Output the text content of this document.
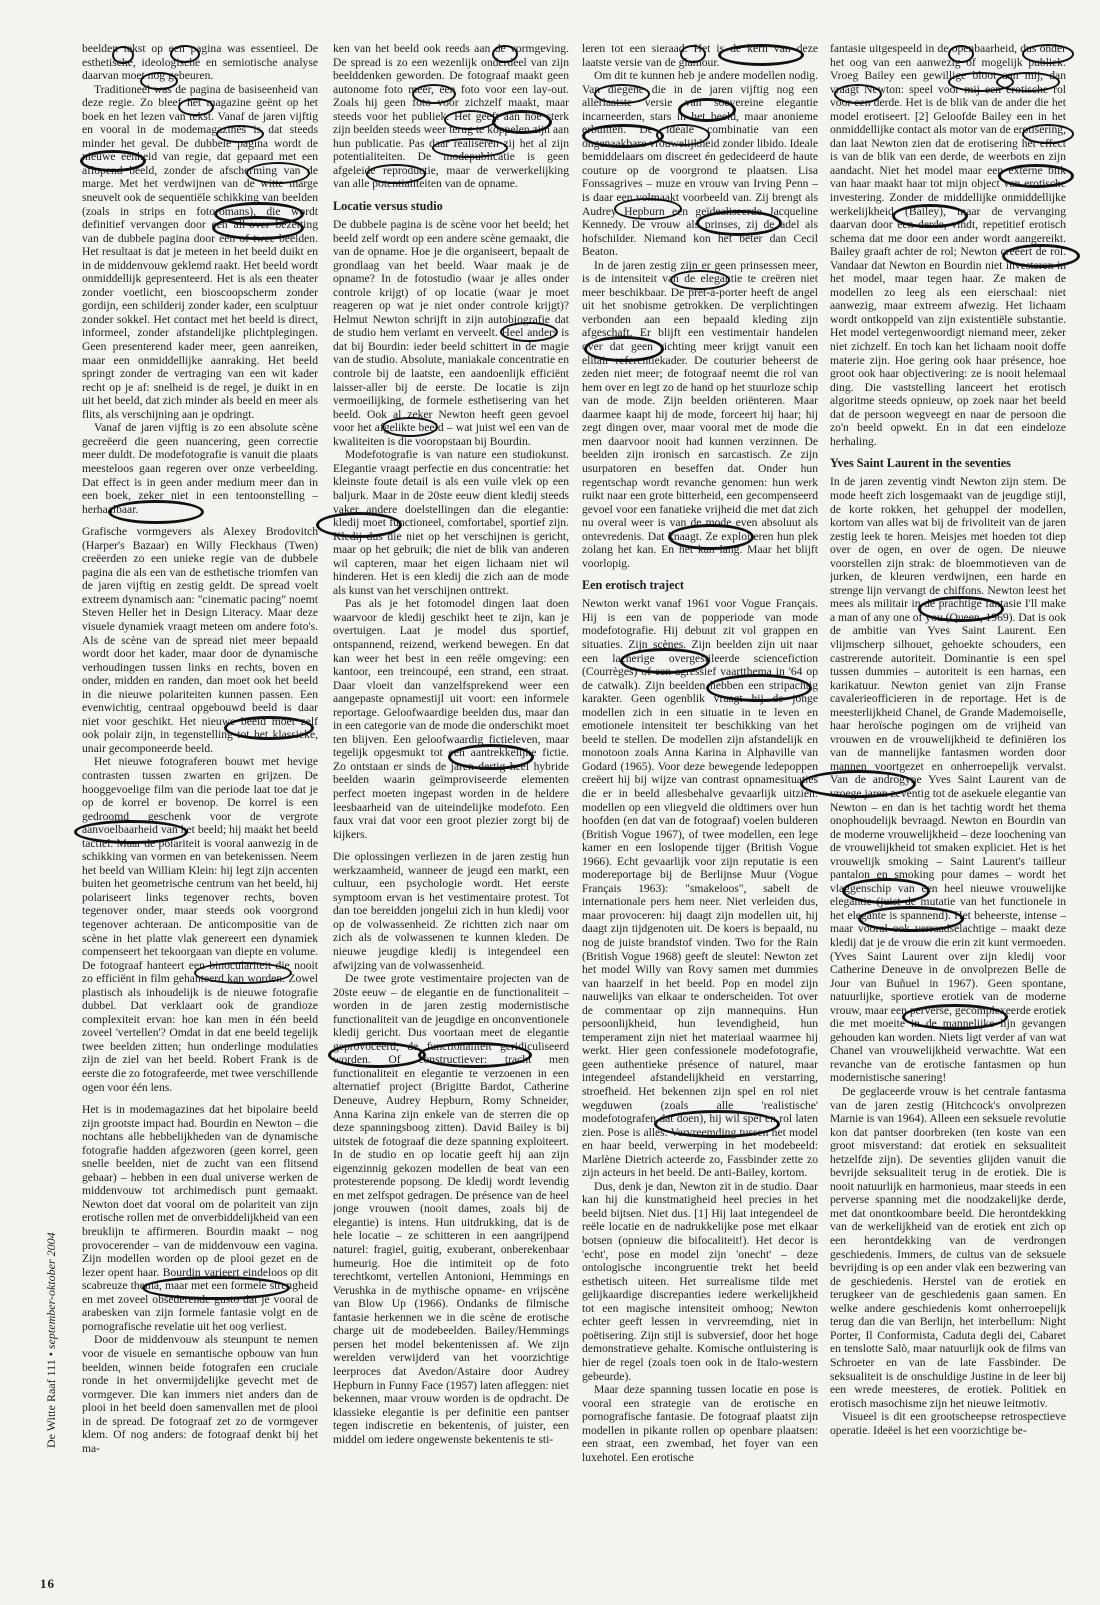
beelden tekst op een pagina was essentieel. De esthetische, ideologische en semiotische analyse daarvan moet nog gebeuren.

Traditioneel was de pagina de basiseenheid van deze regie. Zo bleef het magazine geënt op het boek en het lezen van tekst. Vanaf de jaren vijftig en vooral in de modemagazines is dat steeds minder het geval. De dubbele pagina wordt de nieuwe eenheid van regie, dat gepaard met een aflopend beeld, zonder de afscherming van de marge. Met het verdwijnen van de witte marge sneuvelt ook de sequentiële schikking van beelden (zoals in strips en fotoromans), die wordt definitief vervangen door een all-over bezetting van de dubbele pagina door één of twee beelden. Het resultaat is dat je meteen in het beeld duikt en in de middenvouw geklemd raakt. Het beeld wordt onmiddellijk gepresenteerd. Het is als een theater zonder voetlicht, een bioscoopscherm zonder gordijn, een schilderij zonder kader, een sculptuur zonder sokkel. Het contact met het beeld is direct, informeel, zonder afstandelijke plichtplegingen. Geen presenterend kader meer, geen aanreiken, maar een onmiddellijke aanraking. Het beeld springt zonder de vertraging van een wit kader recht op je af: snelheid is de regel, je duikt in en uit het beeld, dat zich minder als beeld en meer als flits, als verschijning aan je opdringt.

Vanaf de jaren vijftig is zo een absolute scène gecreëerd die geen nuancering, geen correctie meer duldt. De modefotografie is vanuit die plaats meesteloos gaan regeren over onze verbeelding. Dat effect is in geen ander medium meer dan in een boek, zeker niet in een tentoonstelling – herhaalbaar.

Grafische vormgevers als Alexey Brodovitch (Harper's Bazaar) en Willy Fleckhaus (Twen) creëerden zo een unieke regie van de dubbele pagina die als een van de esthetische triomfen van de jaren vijftig en zestig geldt. De spread voelt extreem dynamisch aan: "cinematic pacing" noemt Steven Heller het in Design Literacy. Maar deze visuele dynamiek vraagt meteen om andere foto's. Als de scène van de spread niet meer bepaald wordt door het kader, maar door de dynamische verhoudingen tussen links en rechts, boven en onder, midden en randen, dan moet ook het beeld in die nieuwe polariteiten kunnen passen. Een evenwichtig, centraal opgebouwd beeld is daar niet voor geschikt. Het nieuwe beeld moet zelf ook polair zijn, in tegenstelling tot het klassieke, unair gecomponeerde beeld.

Het nieuwe fotograferen bouwt met hevige contrasten tussen zwarten en grijzen. De hooggevoelige film van die periode laat toe dat je op de korrel er bovenop. De korrel is een gedroomd geschenk voor de vergrote aanvoelbaarheid van het beeld; hij maakt het beeld tactiel. Maar de polariteit is vooral aanwezig in de schikking van vormen en van betekenissen. Neem het beeld van William Klein: hij legt zijn accenten buiten het geometrische centrum van het beeld, hij polariseert links tegenover rechts, boven tegenover onder, maar steeds ook voorgrond tegenover achteraan. De anticompositie van de scène in het platte vlak genereert een dynamiek compenseert het tekoorgaan van diepte en volume. De fotograaf hanteert een binoculariteit die nooit zo efficiënt in film gehanteerd kan worden. Zowel plastisch als inhoudelijk is de nieuwe fotografie dubbel. Dat verklaart ook de grandioze complexiteit ervan: hoe kan men in één beeld zoveel 'vertellen'? Omdat in dat ene beeld tegelijk twee beelden zitten; hun onderlinge modulaties zijn de ziel van het beeld. Robert Frank is de eerste die zo fotografeerde, met twee verschillende ogen voor één lens.

Het is in modemagazines dat het bipolaire beeld zijn grootste impact had. Bourdin en Newton – die nochtans alle hebbelijkheden van de dynamische fotografie hadden afgezworen (geen korrel, geen snelle beelden, niet de zucht van een flitsend gebaar) – hebben in een dual universe werken de middenvouw tot archimedisch punt gemaakt. Newton doet dat vooral om de polariteit van zijn erotische rollen met de onverbiddelijkheid van een breuklijn te affirmeren. Bourdin maakt – nog provocerender – van de middenvouw een vagina. Zijn modellen worden op de plooi gezet en de lezer opent haar. Bourdin varieert eindeloos op dit scabreuze thema, maar met een formele strengheid en met zoveel obsederende gusto dat je vooral de arabesken van zijn formele fantasie volgt en de pornografische revelatie uit het oog verliest.

Door de middenvouw als steunpunt te nemen voor de visuele en semantische opbouw van hun beelden, winnen beide fotografen een cruciale ronde in het onvermijdelijke gevecht met de vormgever. Die kan immers niet anders dan de plooi in het beeld doen samenvallen met de plooi in de spread. De fotograaf zet zo de vormgever klem. Of nog anders: de fotograaf denkt bij het ma-

ken van het beeld ook reeds aan de vormgeving. De spread is zo een wezenlijk onderdeel van zijn beelddenken geworden. De fotograaf maakt geen autonome foto meer, een foto voor een lay-out. Zoals hij geen foto voor zichzelf maakt, maar steeds voor het publiek. Het geeft aan hoe sterk zijn beelden steeds weer terug te koppelen zijn aan hun publicatie. Pas daar realiseren zij het al zijn potentialiteiten. De modepublicatie is geen afgeleide reproductie, maar de verwerkelijking van alle potentialiteiten van de opname.

Locatie versus studio

De dubbele pagina is de scène voor het beeld; het beeld zelf wordt op een andere scène gemaakt, die van de opname. Hoe je die organiseert, bepaalt de grondlaag van het beeld. Waar maak je de opname? In de fotostudio (waar je alles onder controle krijgt) of op locatie (waar je moet reageren op wat je niet onder controle krijgt)? Helmut Newton schrijft in zijn autobiografie dat de studio hem verlamt en verveelt. Heel anders is dat bij Bourdin: ieder beeld schittert in de magie van de studio. Absolute, maniakale concentratie en controle bij de laatste, een aandoenlijk efficiënt laisser-aller bij de eerste. De locatie is zijn vermoeilijking, de formele esthetisering van het beeld. Ook al zeker Newton heeft geen gevoel voor het afgelikte beeld – wat juist wel een van de kwaliteiten is die vooropstaan bij Bourdin.

Modefotografie is van nature een studiokunst. Elegantie vraagt perfectie en dus concentratie: het kleinste foute detail is als een vuile vlek op een baljurk. Maar in de 20ste eeuw dient kledij steeds vaker andere doelstellingen dan die elegantie: kledij moet functioneel, comfortabel, sportief zijn. Kledij dus die niet op het verschijnen is gericht, maar op het gebruik; die niet de blik van anderen wil capteren, maar het eigen lichaam niet wil hinderen. Het is een kledij die zich aan de mode als kunst van het verschijnen onttrekt.

Pas als je het fotomodel dingen laat doen waarvoor de kledij geschikt heet te zijn, kan je overtuigen. Laat je model dus sportief, ontspannend, reizend, werkend bewegen. En dat kan weer het best in een reële omgeving: een kantoor, een treincoupé, een strand, een straat. Daar vloeit dan vanzelfsprekend weer een aangepaste opnamestijl uit voort: een informele reportage. Geloofwaardige beelden dus, maar dan in een categorie van de mode die onderschikt moet ten blijven. Een geloofwaardig fictieleven, maar tegelijk opgesmukt tot een aantrekkelijke fictie. Zo ontstaan er sinds de jaren dertig heel hybride beelden waarin geïmproviseerde elementen perfect moeten ingepast worden in de heldere leesbaarheid van de uiteindelijke modefoto. Een faux vrai dat voor een groot plezier zorgt bij de kijkers.

Die oplossingen verliezen in de jaren zestig hun werkzaamheid, wanneer de jeugd een markt, een cultuur, een psychologie wordt. Het eerste symptoom ervan is het vestimentaire protest. Tot dan toe bereidden jongelui zich in hun kledij voor op de volwassenheid. Ze richtten zich naar om zich als de volwassenen te kunnen kleden. De nieuwe jeugdige kledij is integendeel een afwijzing van de volwassenheid.

De twee grote vestimentaire projecten van de 20ste eeuw – de elegantie en de functionaliteit – worden in de jaren zestig modernistische functionaliteit van de jeugdige en onconventionele kledij gericht. Dus voortaan meet de elegantie geprovoceerd, de functionaliteit geridiculiseerd worden. Of constructiever: tracht men functionaliteit en elegantie te verzoenen in een alternatief project (Brigitte Bardot, Catherine Deneuve, Audrey Hepburn, Romy Schneider, Anna Karina zijn enkele van de sterren die op deze spanningsboog zitten). David Bailey is bij uitstek de fotograaf die deze spanning exploiteert. In de studio en op locatie geeft hij aan zijn eigenzinnig gekozen modellen de beat van een protesterende popsong. De kledij wordt levendig en met zelfspot gedragen. De présence van de heel jonge vrouwen (nooit dames, zoals bij de elegantie) is intens. Hun uitdrukking, dat is de hele locatie – ze schitteren in een aangrijpend naturel: fragiel, guitig, exuberant, onberekenbaar humeurig. Hoe die intimiteit op de foto terechtkomt, vertellen Antonioni, Hemmings en Verushka in de mythische opname- en vrijscène van Blow Up (1966). Ondanks de filmische fantasie herkennen we in die scène de erotische charge uit de modebeelden. Bailey/Hemmings persen het model bekentenissen af. We zijn werelden verwijderd van het voorzichtige leerproces dat Avedon/Astaire door Audrey Hepburn in Funny Face (1957) laten afleggen: niet bekennen, maar vrouw worden is de opdracht. De klassieke elegantie is per definitie een pantser tegen indiscretie en bekentenis, of juister, een middel om iedere ongewenste bekentenis te sti-

leren tot een sieraad. Het is de kern van deze laatste versie van de glamour.

Om dit te kunnen heb je andere modellen nodig. Van diegene die in de jaren vijftig nog een allerlaatste versie van soevereine elegantie incarneerden, stars in het beeld, maar anonieme erbuitten. De ideale combinatie van een ongenaakbare vrouwelijkheid zonder libido. Ideale bemiddelaars om discreet én gedecideerd de haute couture op de voorgrond te plaatsen. Lisa Fonssagrives – muze en vrouw van Irving Penn – is daar een volmaakt voorbeeld van. Zij brengt als Audrey Hepburn een geïdealiseerde Jacqueline Kennedy. De vrouw als prinses, zij de adel als hofschilder. Niemand kon het beter dan Cecil Beaton.

In de jaren zestig zijn er geen prinsessen meer, is de intensiteit van de elegantie te creëren niet meer beschikbaar. De prêt-à-porter heeft de angel uit het snobisme getrokken. De verplichtingen verbonden aan een bepaald kleding zijn afgeschaft. Er blijft een vestimentair handelen over dat geen richting meer krijgt vanuit een elitair referentiekader. De couturier beheerst de zeden niet meer; de fotograaf neemt die rol van hem over en legt zo de hand op het stuurloze schip van de mode. Zijn beelden oriënteren. Maar daarmee kaapt hij de mode, forceert hij haar; hij zegt dingen over, maar vooral met de mode die men daarvoor nooit had kunnen verzinnen. De beelden zijn ironisch en sarcastisch. Ze zijn usurpatoren en beseffen dat. Onder hun regentschap wordt revanche genomen: hun werk ruikt naar een grote bitterheid, een gecompenseerd gevoel voor een fanatieke vrijheid die met dat zich nu overal weer is van de mode even absoluut als ontevredenis. Dat knaagt. Ze exploiteren hun plek zolang het kan. En het kan lang. Maar het blijft voorlopig.

Een erotisch traject

Newton werkt vanaf 1961 voor Vogue Français. Hij is een van de popperiode van mode modefotografie. Hij debuut zit vol grappen en situaties. Zijn scènes. Zijn beelden zijn uit naar een lacherige overgestileerde sciencefiction (Courrèges) of een agressief vaartthema in '64 op de catwalk). Zijn beelden hebben een stripachtig karakter. Geen ogenblik vraagt hij de jonge modellen zich in een situatie in te leven en emotionele intensiteit ter beschikking van het beeld te stellen. De modellen zijn afstandelijk en monotoon zoals Anna Karina in Alphaville van Godard (1965). Voor deze bewegende ledepoppen creëert hij bij wijze van contrast opnamesituaties die er in beeld allesbehalve gevaarlijk uitzien: modellen op een vliegveld die oldtimers over hun hoofden (en dat van de fotograaf) voelen bulderen (British Vogue 1967), of twee modellen, een lege kamer en een loslopende tijger (British Vogue 1966). Echt gevaarlijk voor zijn reputatie is een modereportage bij de Berlijnse Muur (Vogue Français 1963): "smakeloos", sabelt de internationale pers hem neer. Niet verleiden dus, maar provoceren: hij daagt zijn modellen uit, hij daagt zijn tijdgenoten uit. De koers is bepaald, nu nog de juiste brandstof vinden. Two for the Rain (British Vogue 1968) geeft de sleutel: Newton zet het model Willy van Rovy samen met dummies van haarzelf in het beeld. Pop en model zijn nauwelijks van elkaar te onderscheiden. Tot over de commentaar op zijn mannequins. Hun persoonlijkheid, hun levendigheid, hun temperament zijn niet het materiaal waarmee hij werkt. Hier geen confessionele modefotografie, geen authentieke présence of naturel, maar integendeel afstandelijkheid en verstarring, stroefheid. Het bekennen zijn spel en rol niet wegduwen (zoals alle 'realistische' modefotografen dat doen), hij wil spel en rol laten zien. Pose is alles. Vervreemding tussen het model en haar beeld, verwerping in het modebeeld: Marlène Dietrich acteerde zo, Fassbinder zette zo zijn acteurs in het beeld. De anti-Bailey, kortom.

Dus, denk je dan, Newton zit in de studio. Daar kan hij die kunstmatigheid heel precies in het beeld bijtsen. Niet dus. [1] Hij laat integendeel de reële locatie en de nadrukkelijke pose met elkaar botsen (opnieuw die bifocaliteit!). Het decor is 'echt', pose en model zijn 'onecht' – deze ontologische incongruentie trekt het beeld esthetisch uiteen. Het surrealisme tilde met gelijkaardige discrepanties iedere werkelijkheid tot een magische intensiteit omhoog; Newton echter geeft lessen in vervreemding, niet in poëtisering. Zijn stijl is subversief, door het hoge demonstratieve gehalte. Komische ontluistering is hier de regel (zoals toen ook in de Italo-western gebeurde).

Maar deze spanning tussen locatie en pose is vooral een strategie van de erotische en pornografische fantasie. De fotograaf plaatst zijn modellen in pikante rollen op openbare plaatsen: een straat, een zwembad, het foyer van een luxehotel. Een erotische

fantasie uitgespeeld in de openbaarheid, dus onder het oog van een aanwezig of mogelijk publiek. Vroeg Bailey een gewillige bloot aan mij, dan vraagt Newton: speel voor mij een erotische rol voor een derde. Het is de blik van de ander die het model erotiseert. [2] Geloofde Bailey een in het onmiddellijke contact als motor van de erotisering, dan laat Newton zien dat de erotisering het effect is van de blik van een derde, de weerbots en zijn aandacht. Niet het model maar een externe blik van haar maakt haar tot mijn object van erotische investering. Zonder de middellijke onmiddellijke werkelijkheid (Bailey), maar de vervanging daarvan door een derde, vindt, repetitief erotisch schema dat me door een ander wordt aangereikt. Bailey graaft achter de rol; Newton creëert de rol. Vandaar dat Newton en Bourdin niet investeren in het model, maar tegen haar. Ze maken de modellen zo leeg als een eierschaal: niet aanwezig, maar extreem afwezig. Het lichaam wordt ontkoppeld van zijn existentiële substantie. Het model vertegenwoordigt niemand meer, zeker niet zichzelf. En toch kan het lichaam nooit doffe materie zijn. Hoe gering ook haar présence, hoe groot ook haar objectivering: ze is nooit helemaal ding. Die vaststelling lanceert het erotisch algoritme steeds opnieuw, op zoek naar het beeld dat de persoon wegveegt en naar de persoon die zo'n beeld opwekt. En in dat een eindeloze herhaling.

Yves Saint Laurent in the seventies

In de jaren zeventig vindt Newton zijn stem. De mode heeft zich losgemaakt van de jeugdige stijl, de korte rokken, het gehuppel der modellen, kortom van alles wat bij de frivoliteit van de jaren zestig leek te horen. Meisjes met hoeden tot diep over de ogen, en over de ogen. De nieuwe voorstellen zijn strak: de bloemmotieven van de jurken, de kleuren verdwijnen, een harde en strenge lijn vervangt de chiffons. Newton leest het mees als militair in de prachtige fantasie I'll make a man of any one of you (Queen, 1969). Dat is ook de ambitie van Yves Saint Laurent. Een vlijmscherp silhouet, gehoekte schouders, een castrerende autoriteit. Dominantie is een spel tussen dummies – autoriteit is een harnas, een karikatuur. Newton geniet van zijn Franse cavalerieofficieren in de reportage. Het is de meesterlijkheid Chanel, de Grande Mademoiselle, haar heroïsche pogingen om de vrijheid van vrouwen en de vrouwelijkheid te definiëren los van de mannelijke fantasmen worden door mannen voortgezet en onherroepelijk vervalst. Van de androgyne Yves Saint Laurent van de vroege jaren zeventig tot de asekuele elegantie van Newton – en dan is het tachtig wordt het thema onophoudelijk bevraagd. Newton en Bourdin van de moderne vrouwelijkheid – deze loochening van de vrouwelijkheid tot smaken expliciet. Het is het vrouwelijk smoking – Saint Laurent's tailleur pantalon en smoking pour dames – wordt het vlaggenschip van een heel nieuwe vrouwelijke elegantie (juist de mutatie van het functionele in het elegante is spannend). Het beheerste, intense – maar vooral ook verraadselachtige – maakt deze kledij dat je de vrouw die erin zit kunt vermoeden. (Yves Saint Laurent over zijn kledij voor Catherine Deneuve in de onvolprezen Belle de Jour van Buñuel in 1967). Geen spontane, natuurlijke, sportieve erotiek van de moderne vrouw, maar een perverse, gecomplexeerde erotiek die met moeite in de mannelijke lijn gevangen gehouden kan worden. Niets ligt verder af van wat Chanel van vrouwelijkheid verwachtte. Wat een revanche van de erotische fantasmen op hun modernistische sanering!

De geglaceerde vrouw is het centrale fantasma van de jaren zestig (Hitchcock's onvolprezen Marnie is van 1964). Alleen een seksuele revolutie kon dat pantser doorbreken (ten koste van een groot misverstand: dat erotiek en seksualiteit hetzelfde zijn). De seventies glijden vanuit die bevrijde seksualiteit terug in de erotiek. Die is nooit natuurlijk en harmonieus, maar steeds in een perverse spanning met die noodzakelijke derde, met dat onontkoombare beeld. Die herontdekking van de werkelijkheid van de erotiek ent zich op een herontdekking van de verdrongen geschiedenis. Immers, de cultus van de seksuele bevrijding is op een ander vlak een bezwering van de geschiedenis. Herstel van de erotiek en terugkeer van de geschiedenis gaan samen. En welke andere geschiedenis komt onherroepelijk terug dan die van Berlijn, het interbellum: Night Porter, Il Conformista, Caduta degli dei, Cabaret en tenslotte Salò, maar natuurlijk ook de films van Schroeter en van de late Fassbinder. De seksualiteit is de onschuldige Justine in de leer bij een wrede meesteres, de erotiek. Politiek en erotisch masochisme zijn het nieuwe leitmotiv.

Visueel is dit een grootscheepse retrospectieve operatie. Ideëel is het een voorzichtige be-

De Witte Raaf 111 • september-oktober 2004
16
